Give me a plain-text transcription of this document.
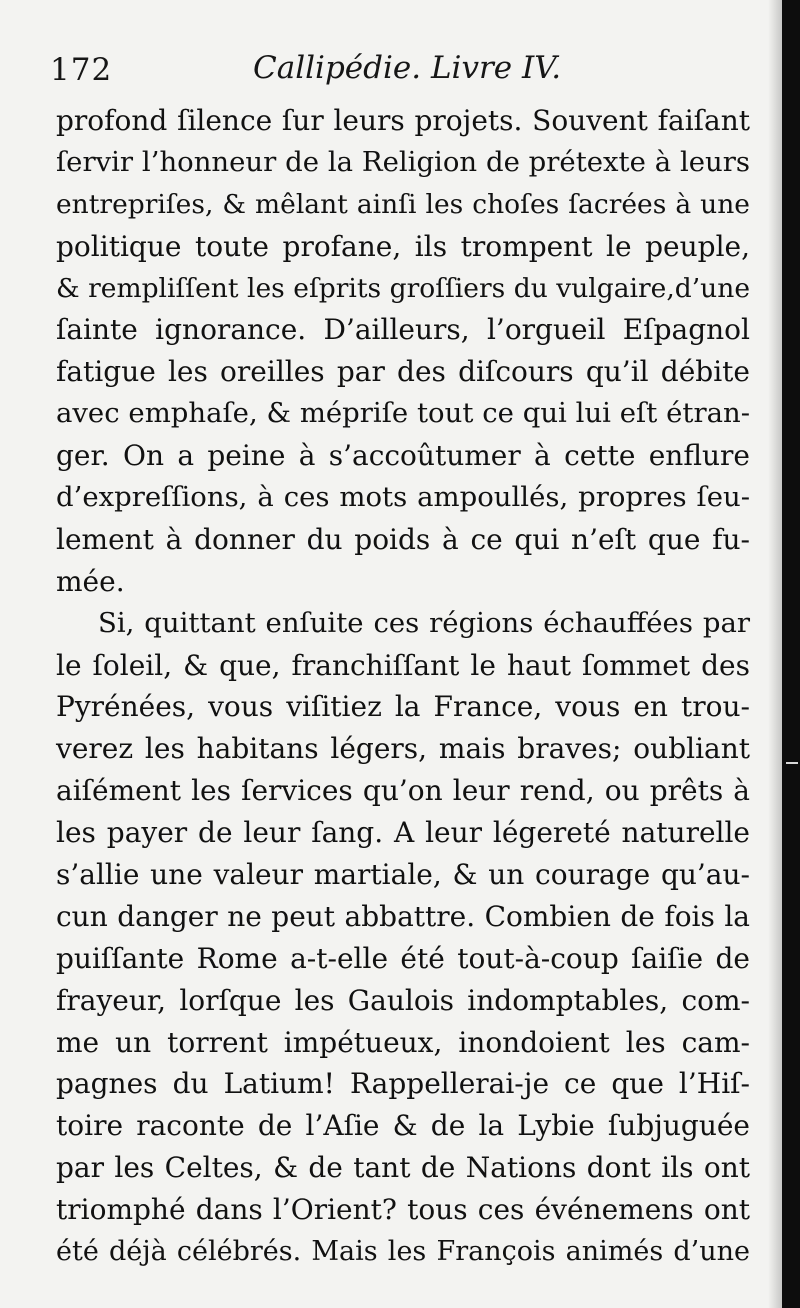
172	Callipédie. Livre IV.
profond ſilence ſur leurs projets. Souvent faiſant
ſervir l’honneur de la Religion de prétexte à leurs
entrepriſes, & mêlant ainſi les choſes ſacrées à une
politique toute profane, ils trompent le peuple,
& rempliſſent les eſprits groſſiers du vulgaire,d’une
ſainte ignorance. D’ailleurs, l’orgueil Eſpagnol
fatigue les oreilles par des diſcours qu’il débite
avec emphaſe, & mépriſe tout ce qui lui eſt étran-
ger. On a peine à s’accoûtumer à cette enflure
d’expreſſions, à ces mots ampoullés, propres ſeu-
lement à donner du poids à ce qui n’eſt que fu-
mée.
Si, quittant enſuite ces régions échauffées par
le ſoleil, & que, franchiſſant le haut ſommet des
Pyrénées, vous viſitiez la France, vous en trou-
verez les habitans légers, mais braves; oubliant
aiſément les ſervices qu’on leur rend, ou prêts à
les payer de leur ſang. A leur légereté naturelle
s’allie une valeur martiale, & un courage qu’au-
cun danger ne peut abbattre. Combien de fois la
puiſſante Rome a-t-elle été tout-à-coup ſaiſie de
frayeur, lorſque les Gaulois indomptables, com-
me un torrent impétueux, inondoient les cam-
pagnes du Latium! Rappellerai-je ce que l’Hiſ-
toire raconte de l’Aſie & de la Lybie ſubjuguée
par les Celtes, & de tant de Nations dont ils ont
triomphé dans l’Orient? tous ces événemens ont
été déjà célébrés. Mais les François animés d’une
